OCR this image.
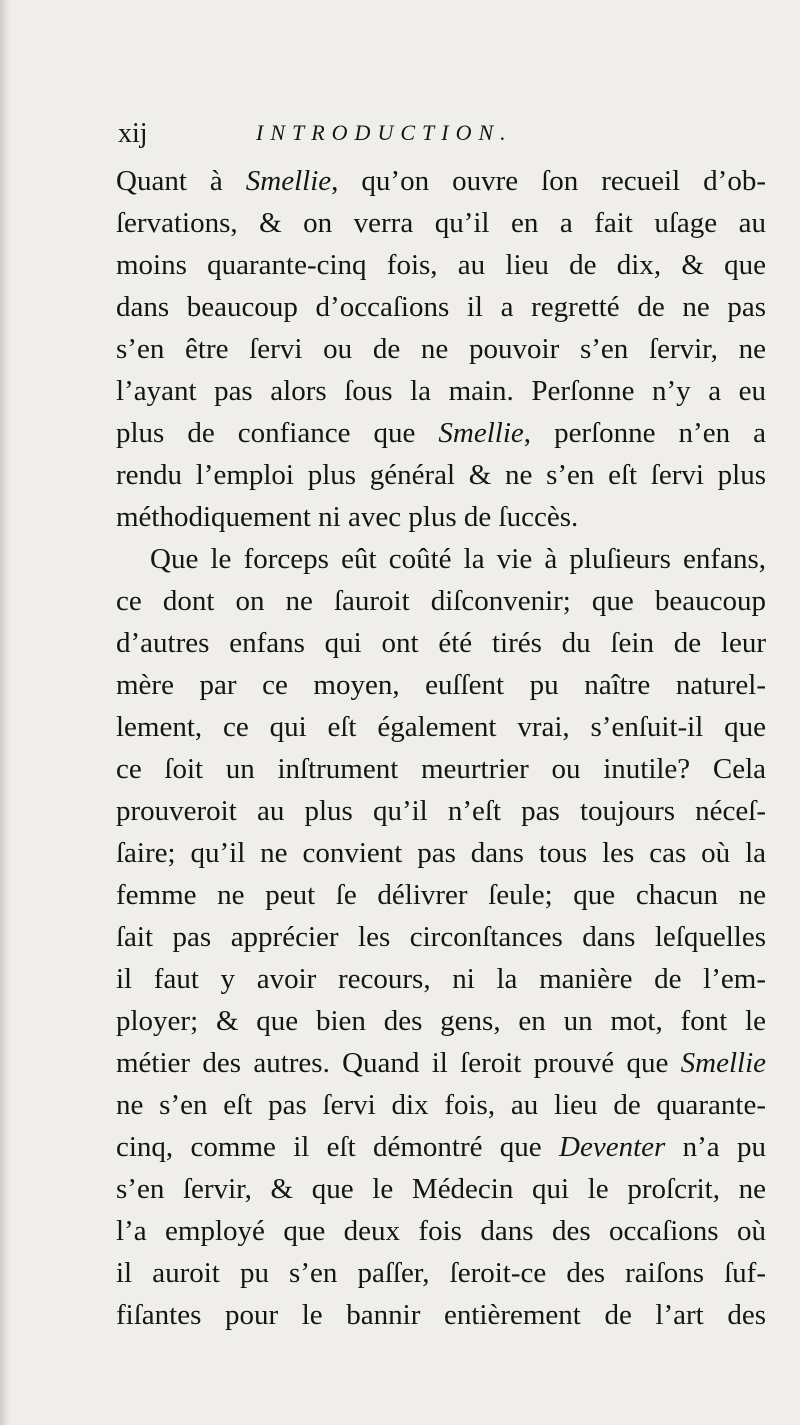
xij	INTRODUCTION.
Quant à Smellie, qu’on ouvre ſon recueil d’ob-
ſervations, & on verra qu’il en a fait uſage au
moins quarante-cinq fois, au lieu de dix, & que
dans beaucoup d’occaſions il a regretté de ne pas
s’en être ſervi ou de ne pouvoir s’en ſervir, ne
l’ayant pas alors ſous la main. Perſonne n’y a eu
plus de confiance que Smellie, perſonne n’en a
rendu l’emploi plus général & ne s’en eſt ſervi plus
méthodiquement ni avec plus de ſuccès.
Que le forceps eût coûté la vie à pluſieurs enfans,
ce dont on ne ſauroit diſconvenir; que beaucoup
d’autres enfans qui ont été tirés du ſein de leur
mère par ce moyen, euſſent pu naître naturel-
lement, ce qui eſt également vrai, s’enſuit-il que
ce ſoit un inſtrument meurtrier ou inutile? Cela
prouveroit au plus qu’il n’eſt pas toujours néceſ-
ſaire; qu’il ne convient pas dans tous les cas où la
femme ne peut ſe délivrer ſeule; que chacun ne
ſait pas apprécier les circonſtances dans leſquelles
il faut y avoir recours, ni la manière de l’em-
ployer; & que bien des gens, en un mot, font le
métier des autres. Quand il ſeroit prouvé que Smellie
ne s’en eſt pas ſervi dix fois, au lieu de quarante-
cinq, comme il eſt démontré que Deventer n’a pu
s’en ſervir, & que le Médecin qui le proſcrit, ne
l’a employé que deux fois dans des occaſions où
il auroit pu s’en paſſer, ſeroit-ce des raiſons ſuf-
fiſantes pour le bannir entièrement de l’art des
